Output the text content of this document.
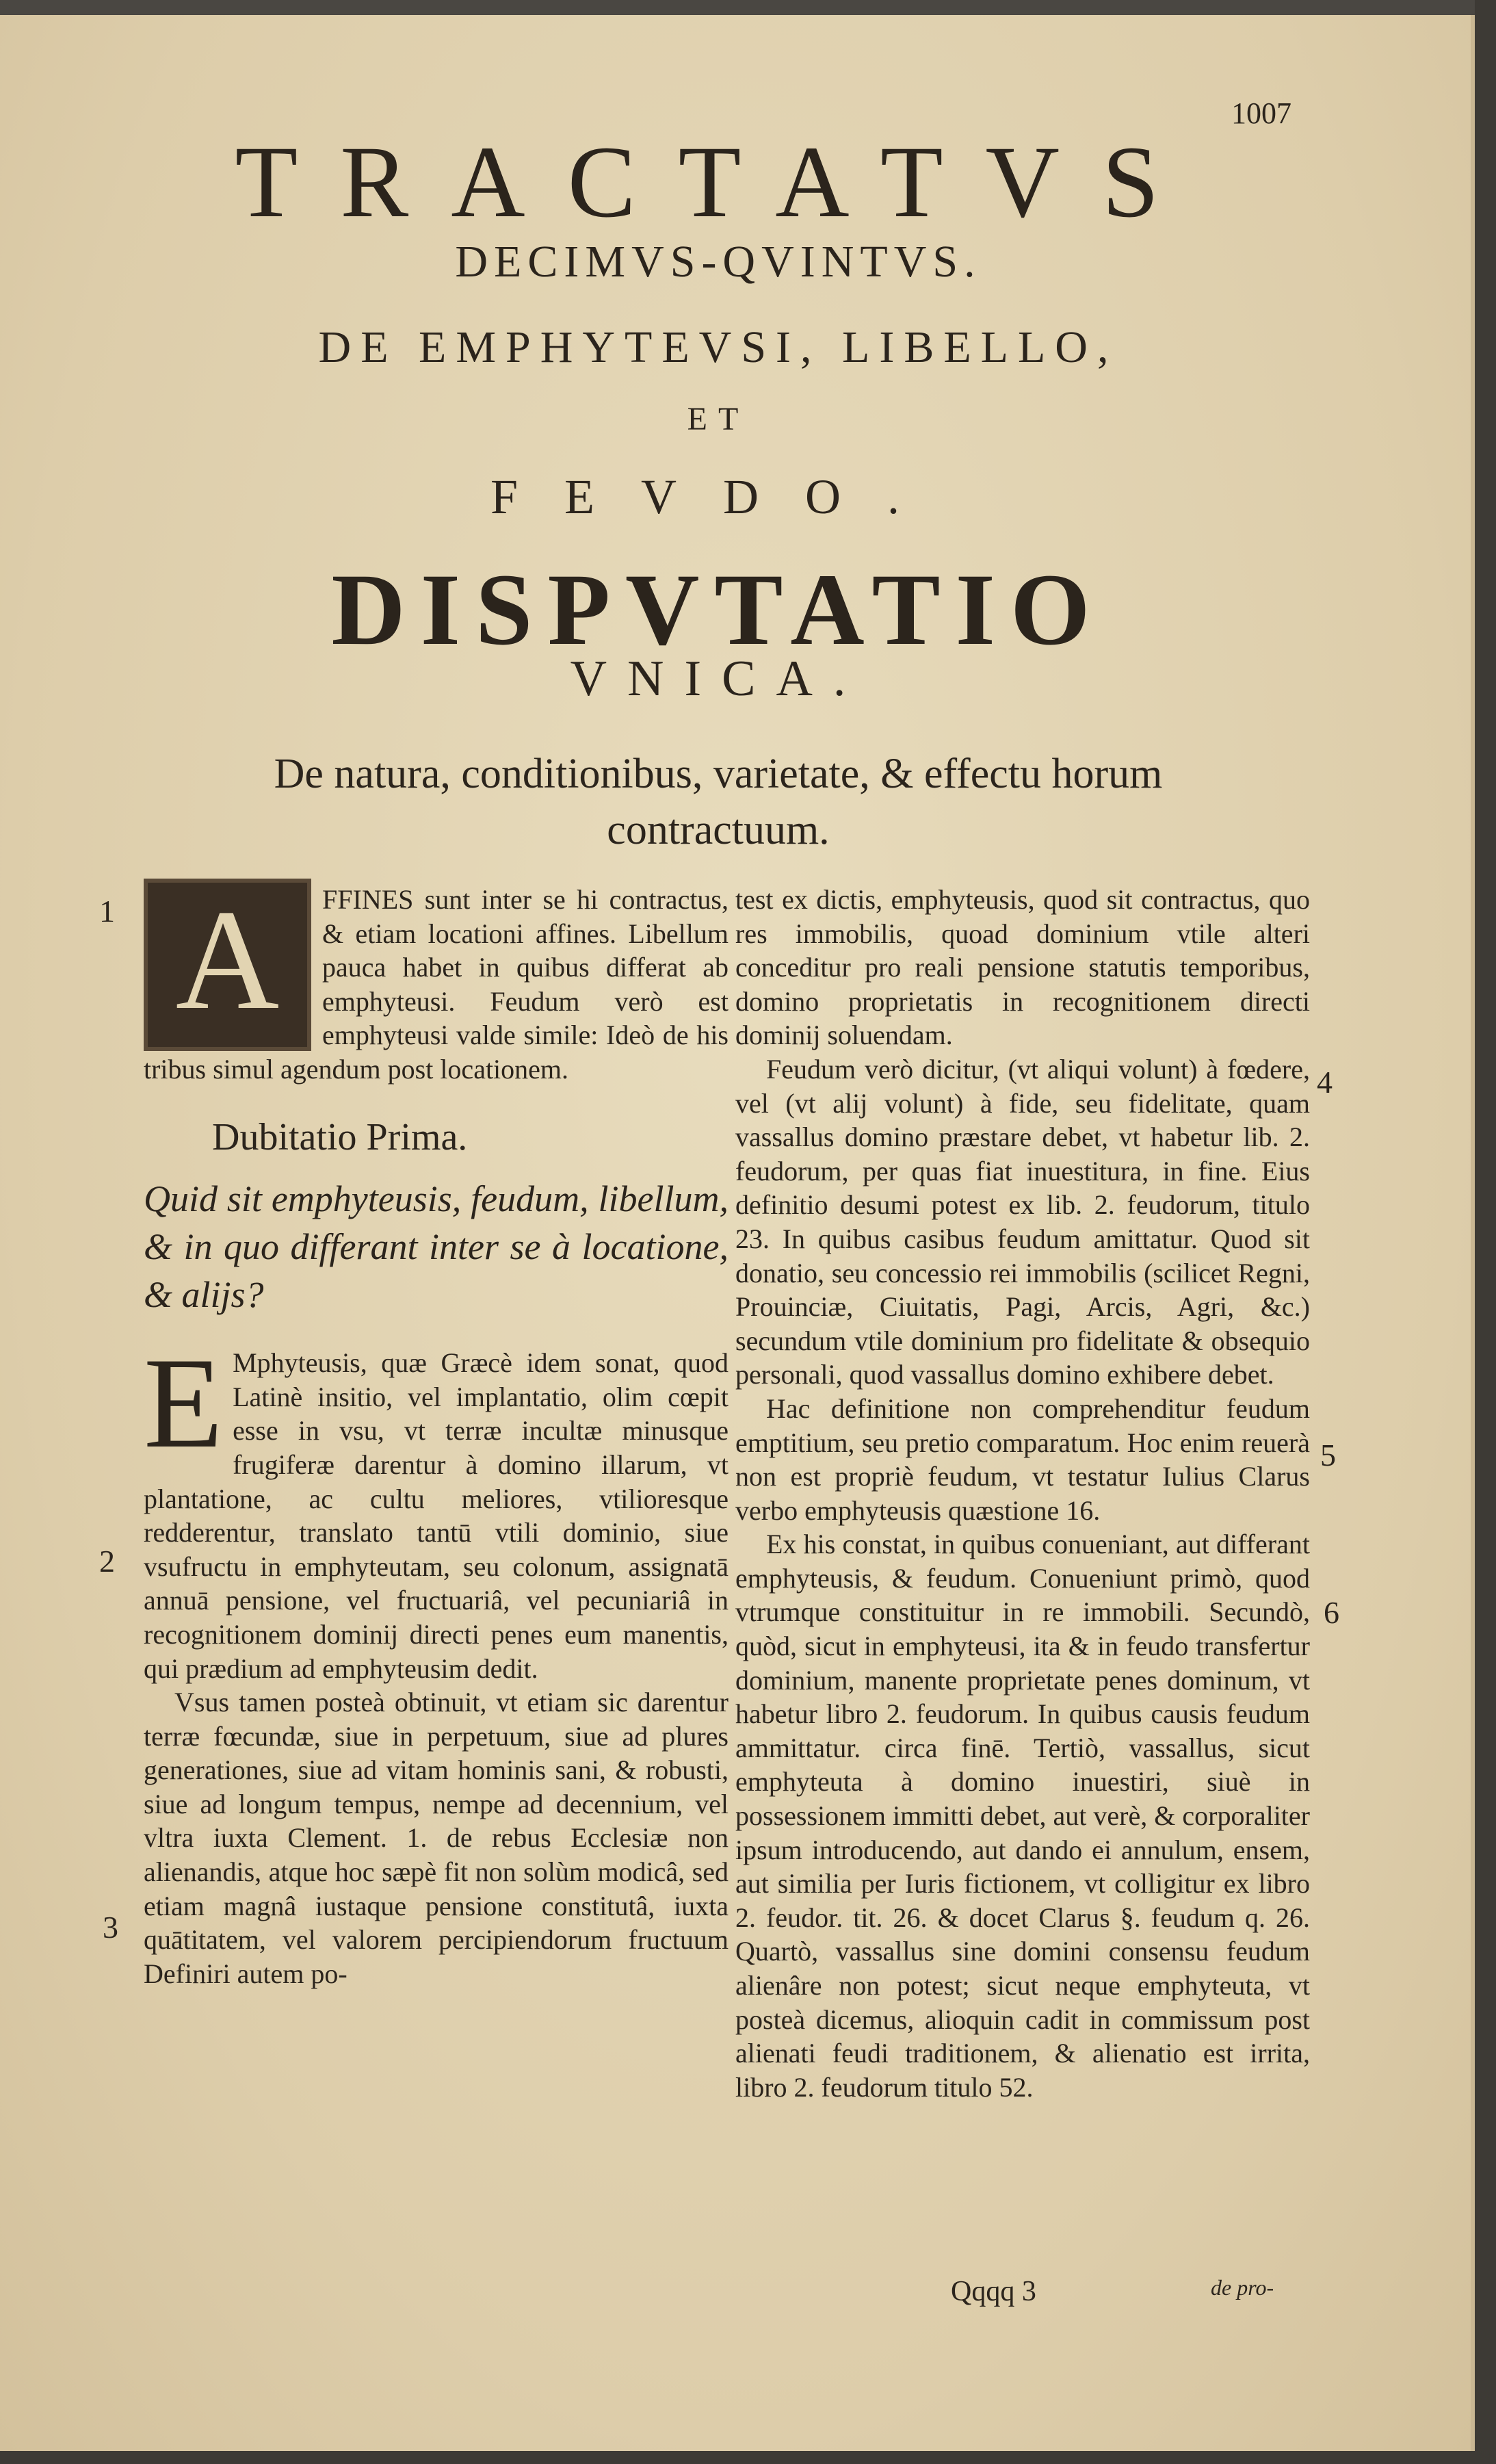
1007
TRACTATVS
DECIMVS-QVINTVS.
DE EMPHYTEVSI, LIBELLO,
ET
FEVDO.
DISPVTATIO
VNICA.
De natura, conditionibus, varietate, & effectu horum contractuum.
1
2
3
4
5
6

A	FFINES sunt inter se hi contractus, & etiam locationi affines. Libellum pauca habet in quibus differat ab emphyteusi. Feudum verò est emphyteusi valde simile: Ideò de his tribus simul agendum post locationem.

Dubitatio Prima.

Quid sit emphyteusis, feudum, libellum, & in quo differant inter se à locatione, & alijs?

E Mphyteusis, quæ Græcè idem sonat, quod Latinè insitio, vel implantatio, olim cœpit esse in vsu, vt terræ incultæ minusque frugiferæ darentur à domino illarum, vt plantatione, ac cultu meliores, vtilioresque redderentur, translato tantū vtili dominio, siue vsufructu in emphyteutam, seu colonum, assignatā annuā pensione, vel fructuariâ, vel pecuniariâ in recognitionem dominij directi penes eum manentis, qui prædium ad emphyteusim dedit.

Vsus tamen posteà obtinuit, vt etiam sic darentur terræ fœcundæ, siue in perpetuum, siue ad plures generationes, siue ad vitam hominis sani, & robusti, siue ad longum tempus, nempe ad decennium, vel vltra iuxta Clement. 1. de rebus Ecclesiæ non alienandis, atque hoc sæpè fit non solùm modicâ, sed etiam magnâ iustaque pensione constitutâ, iuxta quātitatem, vel valorem percipiendorum fructuum Definiri autem po-

test ex dictis, emphyteusis, quod sit contractus, quo res immobilis, quoad dominium vtile alteri conceditur pro reali pensione statutis temporibus, domino proprietatis in recognitionem directi dominij soluendam.

Feudum verò dicitur, (vt aliqui volunt) à fœdere, vel (vt alij volunt) à fide, seu fidelitate, quam vassallus domino præstare debet, vt habetur lib. 2. feudorum, per quas fiat inuestitura, in fine. Eius definitio desumi potest ex lib. 2. feudorum, titulo 23. In quibus casibus feudum amittatur. Quod sit donatio, seu concessio rei immobilis (scilicet Regni, Prouinciæ, Ciuitatis, Pagi, Arcis, Agri, &c.) secundum vtile dominium pro fidelitate & obsequio personali, quod vassallus domino exhibere debet.

Hac definitione non comprehenditur feudum emptitium, seu pretio comparatum. Hoc enim reuerà non est propriè feudum, vt testatur Iulius Clarus verbo emphyteusis quæstione 16.

Ex his constat, in quibus conueniant, aut differant emphyteusis, & feudum. Conueniunt primò, quod vtrumque constituitur in re immobili. Secundò, quòd, sicut in emphyteusi, ita & in feudo transfertur dominium, manente proprietate penes dominum, vt habetur libro 2. feudorum. In quibus causis feudum ammittatur. circa finē. Tertiò, vassallus, sicut emphyteuta à domino inuestiri, siuè in possessionem immitti debet, aut verè, & corporaliter ipsum introducendo, aut dando ei annulum, ensem, aut similia per Iuris fictionem, vt colligitur ex libro 2. feudor. tit. 26. & docet Clarus §. feudum q. 26. Quartò, vassallus sine domini consensu feudum alienâre non potest; sicut neque emphyteuta, vt posteà dicemus, alioquin cadit in commissum post alienati feudi traditionem, & alienatio est irrita, libro 2. feudorum titulo 52.

Qqqq 3	de pro-
